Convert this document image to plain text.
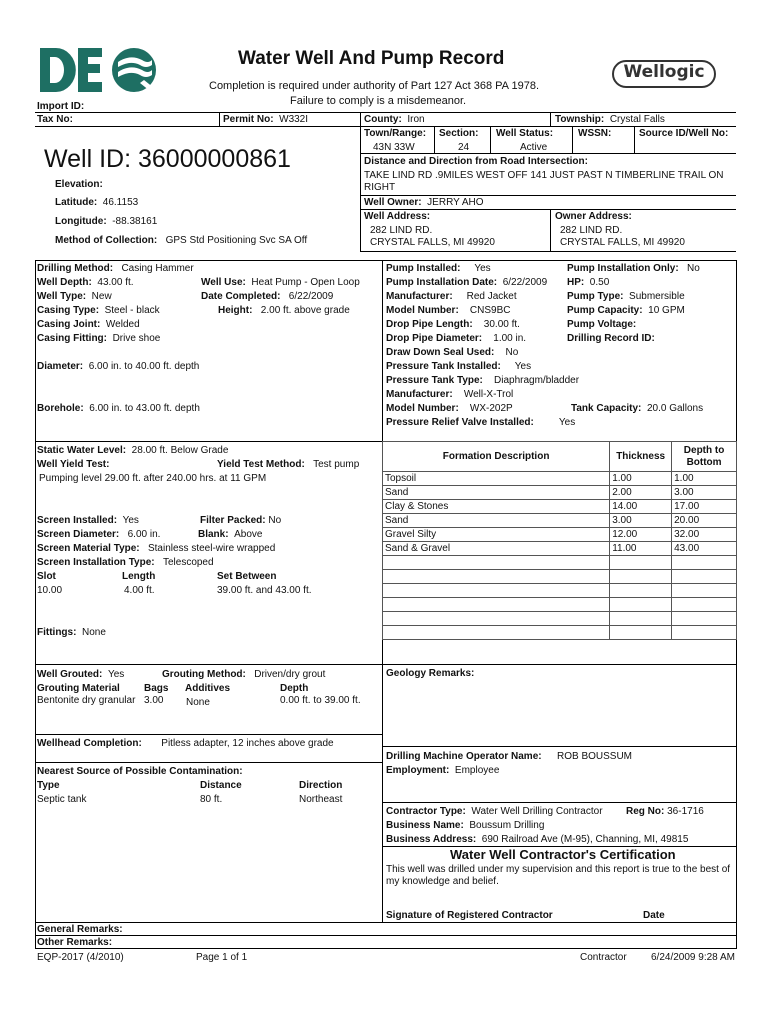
Water Well And Pump Record
Completion is required under authority of Part 127 Act 368 PA 1978.
Failure to comply is a misdemeanor.
Wellogic
Import ID:
Tax No:	Permit No: W332I	County: Iron	Township: Crystal Falls
Town/Range:
43N 33W
Section:
24
Well Status:
Active
WSSN:	Source ID/Well No:
Well ID: 36000000861
Elevation:
Latitude: 46.1153
Longitude: -88.38161
Method of Collection: GPS Std Positioning Svc SA Off
Distance and Direction from Road Intersection:
TAKE LIND RD .9MILES WEST OFF 141 JUST PAST N TIMBERLINE TRAIL ON
RIGHT
Well Owner: JERRY AHO
Well Address:
282 LIND RD.
CRYSTAL FALLS, MI 49920
Owner Address:
282 LIND RD.
CRYSTAL FALLS, MI 49920
Drilling Method: Casing Hammer
Well Depth: 43.00 ft.	Well Use: Heat Pump - Open Loop
Well Type: New	Date Completed: 6/22/2009
Casing Type: Steel - black	Height: 2.00 ft. above grade
Casing Joint: Welded
Casing Fitting: Drive shoe
Diameter: 6.00 in. to 40.00 ft. depth
Borehole: 6.00 in. to 43.00 ft. depth
Pump Installed: Yes	Pump Installation Only: No
Pump Installation Date: 6/22/2009 HP: 0.50
Manufacturer: Red Jacket	Pump Type: Submersible
Model Number: CNS9BC	Pump Capacity: 10 GPM
Drop Pipe Length: 30.00 ft.	Pump Voltage:
Drop Pipe Diameter: 1.00 in.	Drilling Record ID:
Draw Down Seal Used: No
Pressure Tank Installed: Yes
Pressure Tank Type: Diaphragm/bladder
Manufacturer: Well-X-Trol
Model Number: WX-202P	Tank Capacity: 20.0 Gallons
Pressure Relief Valve Installed:	Yes
Static Water Level: 28.00 ft. Below Grade
Well Yield Test:	Yield Test Method: Test pump
Pumping level 29.00 ft. after 240.00 hrs. at 11 GPM
Formation Description	Thickness	Depth to
Bottom
Topsoil	1.00	1.00
Sand	2.00	3.00
Clay & Stones	14.00	17.00
Sand	3.00	20.00
Gravel Silty	12.00	32.00
Sand & Gravel	11.00	43.00

Screen Installed: Yes	Filter Packed: No
Screen Diameter: 6.00 in.	Blank: Above
Screen Material Type: Stainless steel-wire wrapped
Screen Installation Type: Telescoped
Slot	Length	Set Between
10.00	4.00 ft.	39.00 ft. and 43.00 ft.
Fittings: None
Well Grouted: Yes	Grouting Method: Driven/dry grout
Grouting Material Bags Additives	Depth
Bentonite dry granular 3.00 None	0.00 ft. to 39.00 ft.
Geology Remarks:
Wellhead Completion: Pitless adapter, 12 inches above grade
Drilling Machine Operator Name: ROB BOUSSUM
Employment: Employee
Nearest Source of Possible Contamination:
Type	Distance	Direction
Septic tank	80 ft.	Northeast
Contractor Type: Water Well Drilling Contractor Reg No: 36-1716
Business Name: Boussum Drilling
Business Address: 690 Railroad Ave (M-95), Channing, MI, 49815
Water Well Contractor's Certification
This well was drilled under my supervision and this report is true to the best of
my knowledge and belief.
Signature of Registered Contractor	Date
General Remarks:
Other Remarks:
EQP-2017 (4/2010)	Page 1 of 1	Contractor 6/24/2009 9:28 AM
